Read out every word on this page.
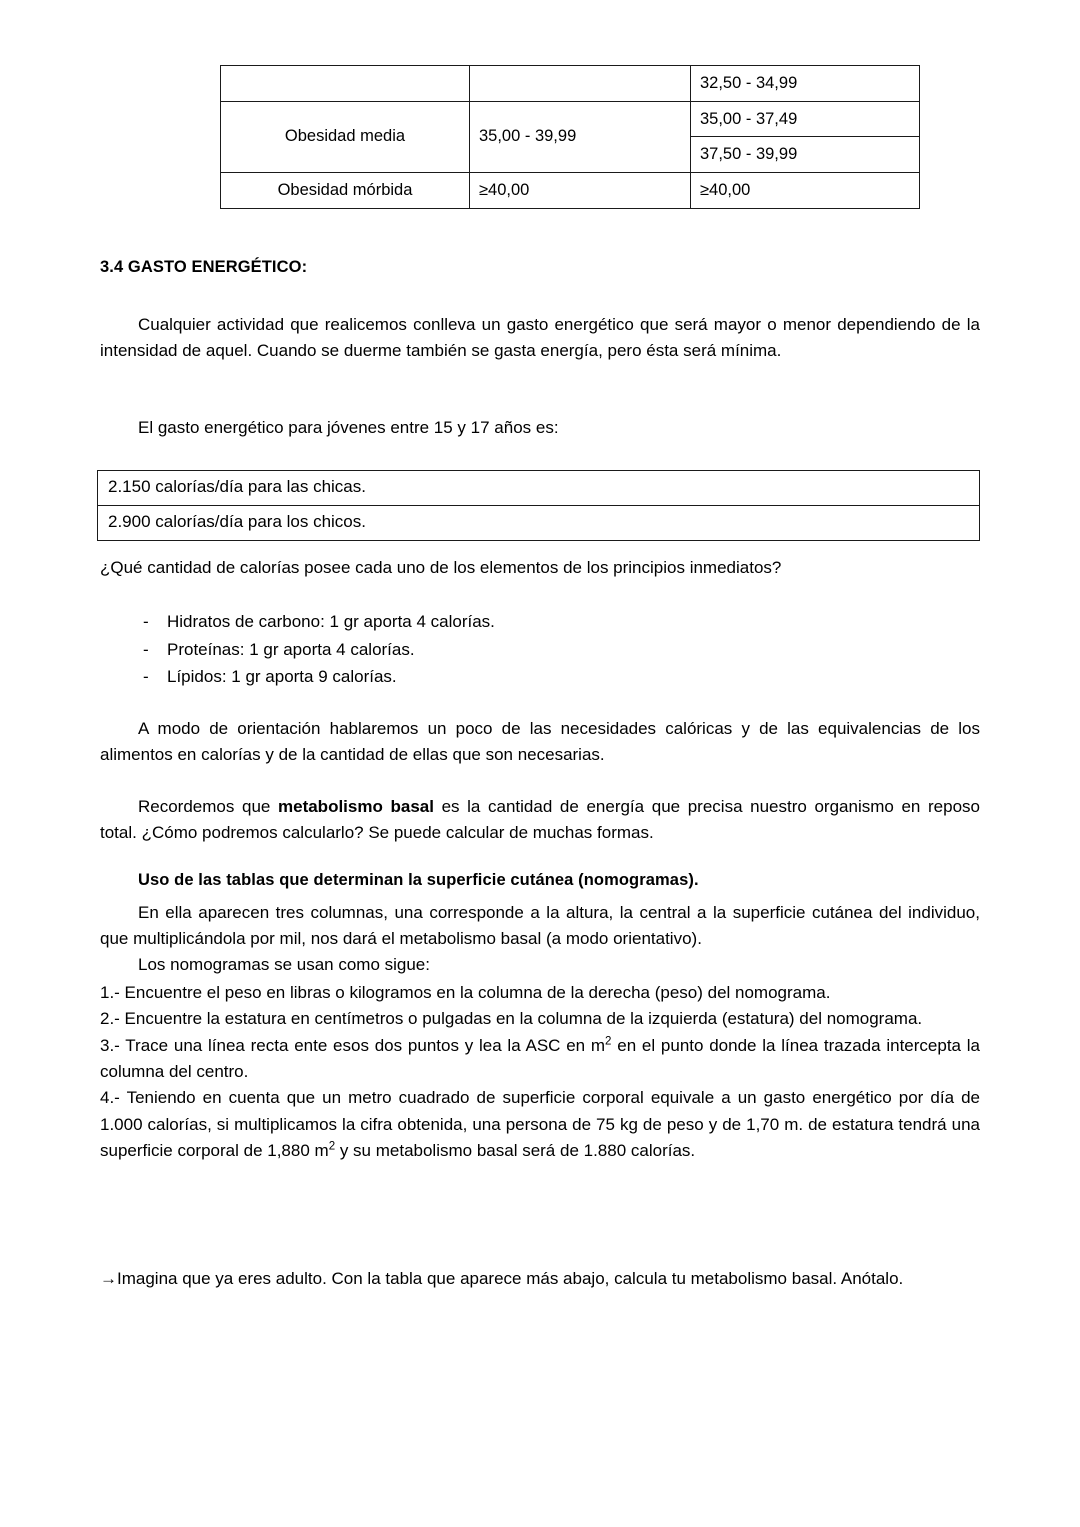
		32,50 - 34,99
Obesidad media	35,00 - 39,99	35,00 - 37,49
		37,50 - 39,99
Obesidad mórbida	≥40,00	≥40,00
3.4 GASTO ENERGÉTICO:
Cualquier actividad que realicemos conlleva un gasto energético que será mayor o menor dependiendo de la intensidad de aquel. Cuando se duerme también se gasta energía, pero ésta será mínima.
El gasto energético para jóvenes entre 15 y 17 años es:
2.150 calorías/día para las chicas.
2.900 calorías/día para los chicos.
¿Qué cantidad de calorías posee cada uno de los elementos de los principios inmediatos?
-	Hidratos de carbono: 1 gr aporta 4 calorías.
-	Proteínas: 1 gr aporta 4 calorías.
-	Lípidos: 1 gr aporta 9 calorías.
A modo de orientación hablaremos un poco de las necesidades calóricas y de las equivalencias de los alimentos en calorías y de la cantidad de ellas que son necesarias.
Recordemos que metabolismo basal es la cantidad de energía que precisa nuestro organismo en reposo total. ¿Cómo podremos calcularlo? Se puede calcular de muchas formas.
Uso de las tablas que determinan la superficie cutánea (nomogramas).
En ella aparecen tres columnas, una corresponde a la altura, la central a la superficie cutánea del individuo, que multiplicándola por mil, nos dará el metabolismo basal (a modo orientativo).
Los nomogramas se usan como sigue:
1.- Encuentre el peso en libras o kilogramos en la columna de la derecha (peso) del nomograma.
2.- Encuentre la estatura en centímetros o pulgadas en la columna de la izquierda (estatura) del nomograma.
3.- Trace una línea recta ente esos dos puntos y lea la ASC en $m^2$ en el punto donde la línea trazada intercepta la columna del centro.
4.- Teniendo en cuenta que un metro cuadrado de superficie corporal equivale a un gasto energético por día de 1.000 calorías, si multiplicamos la cifra obtenida, una persona de 75 kg de peso y de 1,70 m. de estatura tendrá una superficie corporal de 1,880 $m^2$ y su metabolismo basal será de 1.880 calorías.
→Imagina que ya eres adulto. Con la tabla que aparece más abajo, calcula tu metabolismo basal. Anótalo.
